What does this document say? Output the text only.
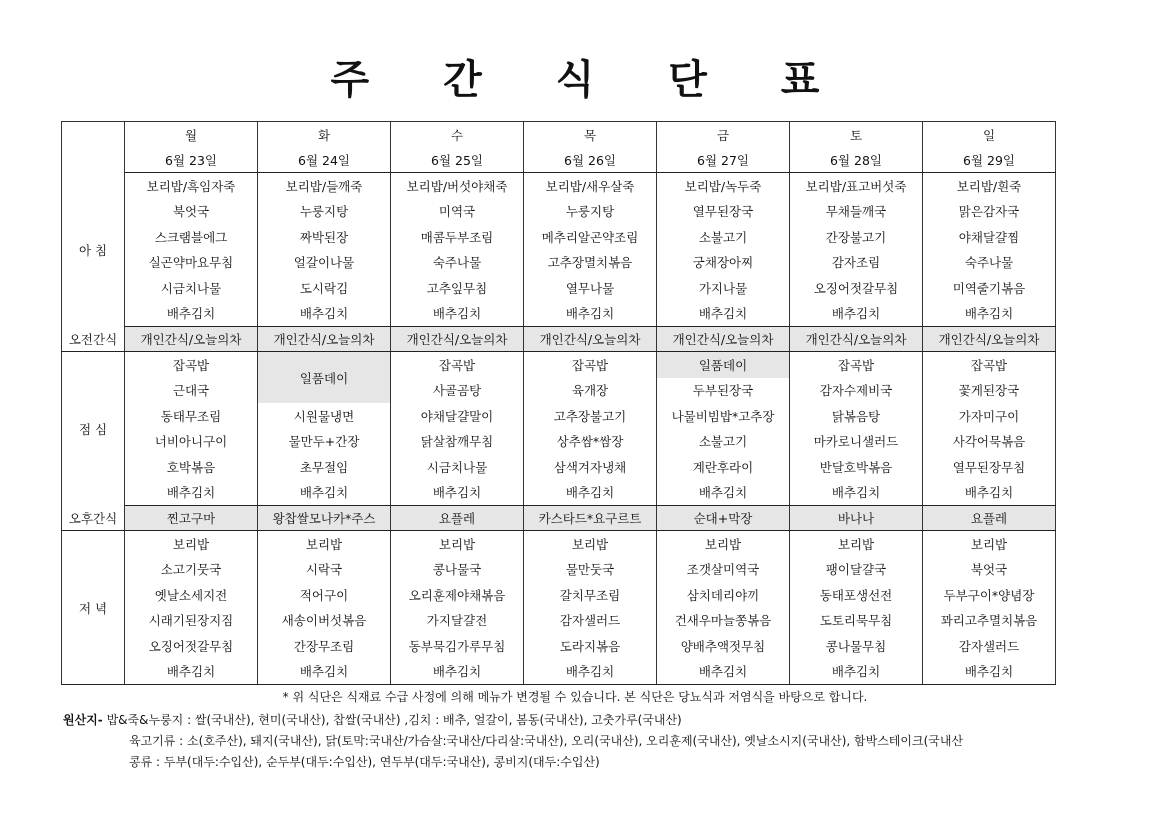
주 간 식 단 표
	월	화	수	목	금	토	일
	6월 23일	6월 24일	6월 25일	6월 26일	6월 27일	6월 28일	6월 29일
아 침	보리밥/흑임자죽	보리밥/들깨죽	보리밥/버섯야채죽	보리밥/새우살죽	보리밥/녹두죽	보리밥/표고버섯죽	보리밥/흰죽
	북엇국	누룽지탕	미역국	누룽지탕	열무된장국	무채들깨국	맑은감자국
	스크램블에그	짜박된장	매콤두부조림	메추리알곤약조림	소불고기	간장불고기	야채달걀찜
	실곤약마요무침	얼갈이나물	숙주나물	고추장멸치볶음	궁채장아찌	감자조림	숙주나물
	시금치나물	도시락김	고추잎무침	열무나물	가지나물	오징어젓갈무침	미역줄기볶음
	배추김치	배추김치	배추김치	배추김치	배추김치	배추김치	배추김치
오전간식	개인간식/오늘의차	개인간식/오늘의차	개인간식/오늘의차	개인간식/오늘의차	개인간식/오늘의차	개인간식/오늘의차	개인간식/오늘의차
점 심	잡곡밥	일품데이	잡곡밥	잡곡밥	일품데이	잡곡밥	잡곡밥
	근대국		사골곰탕	육개장	두부된장국	감자수제비국	꽃게된장국
	동태무조림	시원물냉면	야채달걀말이	고추장불고기	나물비빔밥*고추장	닭볶음탕	가자미구이
	너비아니구이	물만두+간장	닭살참깨무침	상추쌈*쌈장	소불고기	마카로니샐러드	사각어묵볶음
	호박볶음	초무절임	시금치나물	삼색겨자냉채	계란후라이	반달호박볶음	열무된장무침
	배추김치	배추김치	배추김치	배추김치	배추김치	배추김치	배추김치
오후간식	찐고구마	왕찹쌀모나카*주스	요플레	카스타드*요구르트	순대+막장	바나나	요플레
저 녁	보리밥	보리밥	보리밥	보리밥	보리밥	보리밥	보리밥
	소고기뭇국	시락국	콩나물국	물만둣국	조갯살미역국	팽이달걀국	북엇국
	옛날소세지전	적어구이	오리훈제야채볶음	갈치무조림	삼치데리야끼	동태포생선전	두부구이*양념장
	시래기된장지짐	새송이버섯볶음	가지달걀전	감자샐러드	건새우마늘쫑볶음	도토리묵무침	꽈리고추멸치볶음
	오징어젓갈무침	간장무조림	동부묵김가루무침	도라지볶음	양배추액젓무침	콩나물무침	감자샐러드
	배추김치	배추김치	배추김치	배추김치	배추김치	배추김치	배추김치
* 위 식단은 식재료 수급 사정에 의해 메뉴가 변경될 수 있습니다. 본 식단은 당뇨식과 저염식을 바탕으로 합니다.
원산지- 밥&죽&누룽지 : 쌀(국내산), 현미(국내산), 찹쌀(국내산) ,김치 : 배추, 얼갈이, 봄동(국내산), 고춧가루(국내산)
육고기류 : 소(호주산), 돼지(국내산), 닭(토막:국내산/가슴살:국내산/다리살:국내산), 오리(국내산), 오리훈제(국내산), 옛날소시지(국내산), 함박스테이크(국내산
콩류 : 두부(대두:수입산), 순두부(대두:수입산), 연두부(대두:국내산), 콩비지(대두:수입산)
